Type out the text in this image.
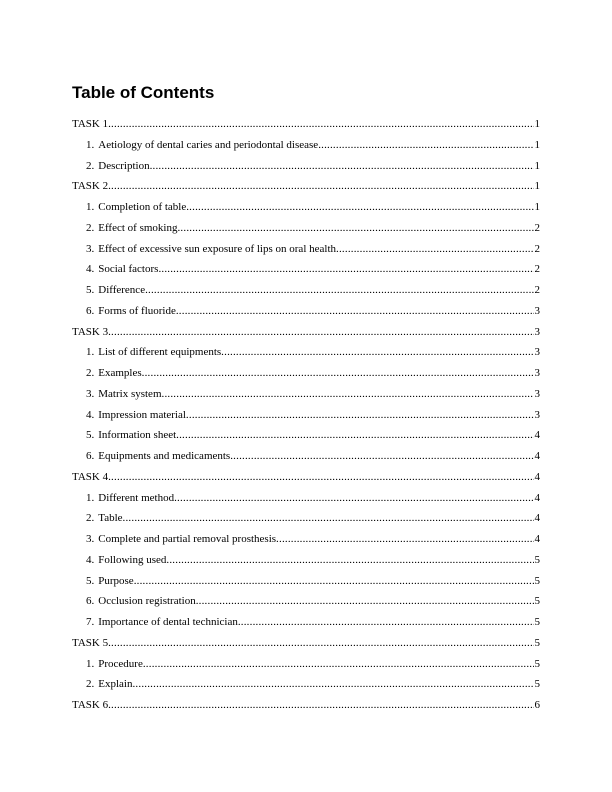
Table of Contents
TASK 1 .....	1
1. Aetiology of dental caries and periodontal disease .....	1
2. Description .....	1
TASK 2 .....	1
1. Completion of table .....	1
2. Effect of smoking .....	2
3. Effect of excessive sun exposure of lips on oral health .....	2
4. Social factors .....	2
5. Difference .....	2
6. Forms of fluoride .....	3
TASK 3 .....	3
1. List of different equipments .....	3
2. Examples .....	3
3. Matrix system .....	3
4. Impression material .....	3
5. Information sheet .....	4
6. Equipments and medicaments .....	4
TASK 4 .....	4
1. Different method .....	4
2. Table .....	4
3. Complete and partial removal prosthesis .....	4
4. Following used .....	5
5. Purpose .....	5
6. Occlusion registration .....	5
7. Importance of dental technician .....	5
TASK 5 .....	5
1. Procedure .....	5
2. Explain .....	5
TASK 6 .....	6
